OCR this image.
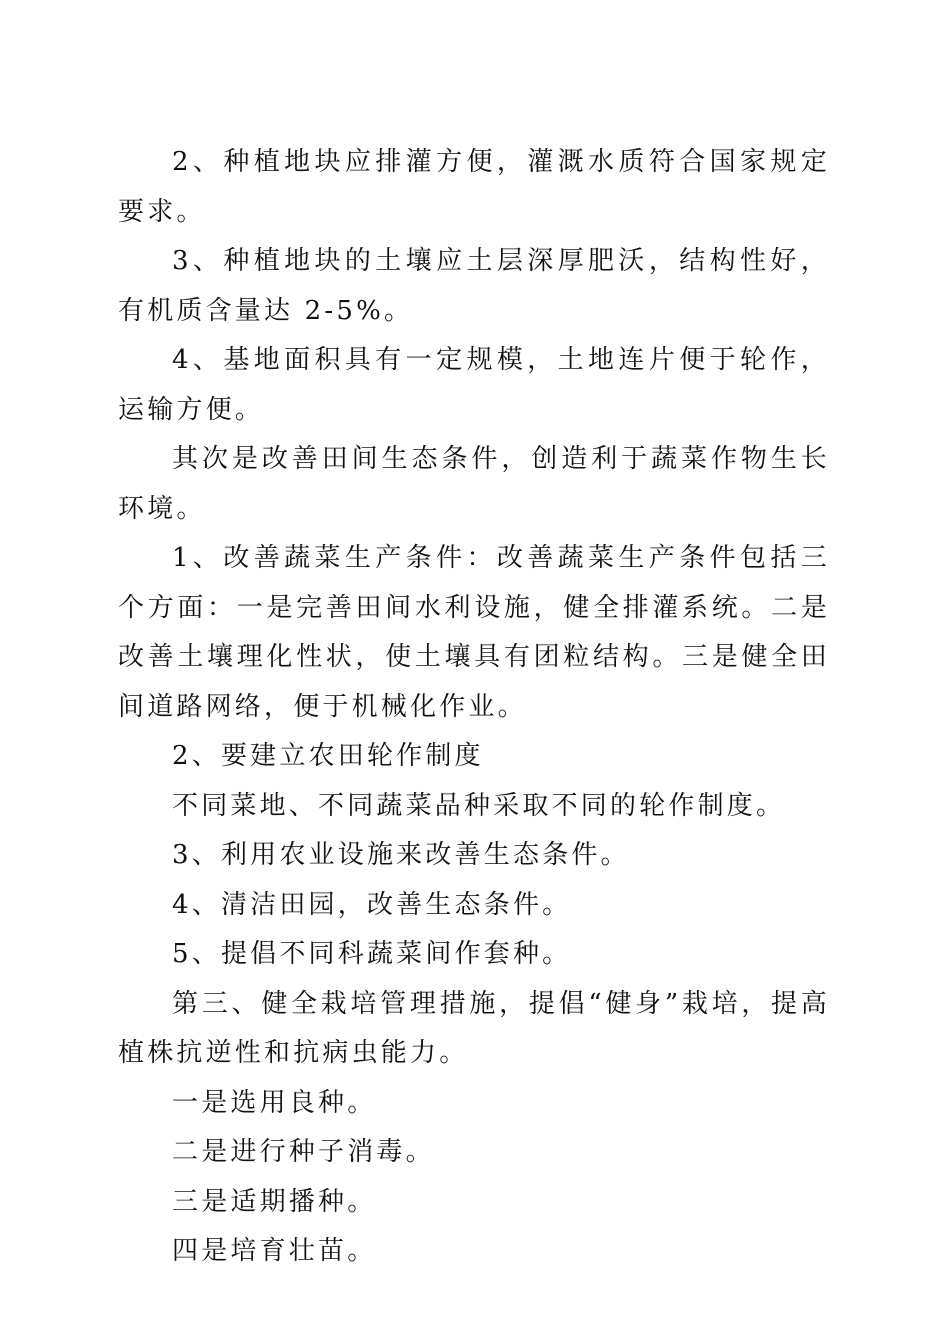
2、种植地块应排灌方便，灌溉水质符合国家规定要求。

3、种植地块的土壤应土层深厚肥沃，结构性好，有机质含量达 2-5%。

4、基地面积具有一定规模，土地连片便于轮作，运输方便。

其次是改善田间生态条件，创造利于蔬菜作物生长环境。

1、改善蔬菜生产条件：改善蔬菜生产条件包括三个方面：一是完善田间水利设施，健全排灌系统。二是改善土壤理化性状，使土壤具有团粒结构。三是健全田间道路网络，便于机械化作业。

2、要建立农田轮作制度

不同菜地、不同蔬菜品种采取不同的轮作制度。

3、利用农业设施来改善生态条件。

4、清洁田园，改善生态条件。

5、提倡不同科蔬菜间作套种。

第三、健全栽培管理措施，提倡“健身”栽培，提高植株抗逆性和抗病虫能力。

一是选用良种。

二是进行种子消毒。

三是适期播种。

四是培育壮苗。
